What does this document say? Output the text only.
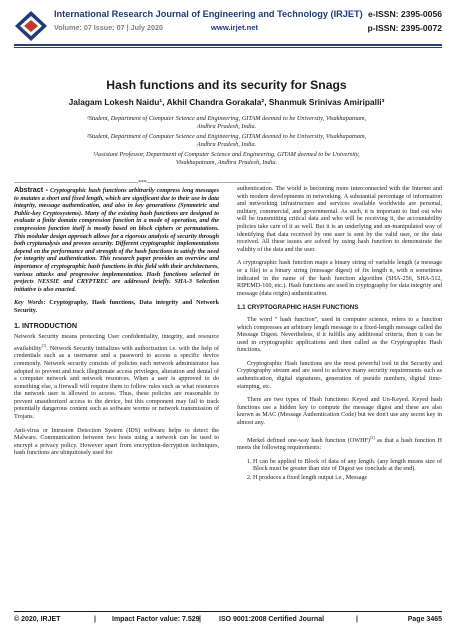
International Research Journal of Engineering and Technology (IRJET) e-ISSN: 2395-0056
Volume: 07 Issue: 07 | July 2020	www.irjet.net	p-ISSN: 2395-0072
Hash functions and its security for Snags
Jalagam Lokesh Naidu¹, Akhil Chandra Gorakala², Shanmuk Srinivas Amiripalli³
¹Student, Department of Computer Science and Engineering, GITAM deemed to be University, Visakhapatnam,
Andhra Pradesh, India.
²Student, Department of Computer Science and Engineering, GITAM deemed to be University, Visakhapatnam,
Andhra Pradesh, India.
³Assistant Professor, Department of Computer Science and Engineering, GITAM deemed to be University,
Visakhapatnam, Andhra Pradesh, India.
---------------------------------------------------------------------***---------------------------------------------------------------------

Abstract - Cryptographic hash functions arbitrarily compress long messages to mutates a short and fixed length, which are significant due to their use in data integrity, message authentication, and also in key generations (Symmetric and Public-key Cryptosystems). Many of the existing hash functions are designed to evaluate a finite domain compression function in a mode of operation, and the compression function itself is mostly based on block ciphers or permutations. This modular design approach allows for a rigorous analysis of security through both cryptanalysis and proven security. Different cryptographic implementations depend on the performance and strength of the hash functions to satisfy the need for integrity and authentication. This research paper provides an overview and importance of cryptographic hash functions in this field with their architectures, various attacks and progressive implementation. Hash functions selected in projects NESSIE and CRYPTREC are addressed briefly. SHA-3 Selection initiative is also enacted.

Key Words: Cryptography, Hash functions, Data integrity and Network Security.

1. INTRODUCTION

Network Security means protecting User confidentiality, integrity, and resource availability[1]. Network Security initializes with authorization i.e. with the help of credentials such as a username and a password to access a specific device commonly. Network security consists of policies each network administrator has adopted to prevent and track illegitimate access privileges, alteration and denial of a computer network and network resources. When a user is approved to do something else, a firewall will require them to follow rules such as what resources the network user is allowed to access. Thus, these policies are reasonable to prevent unauthorized access to the device, but this component may fail to track potentially dangerous content such as software worms or network transmission of Trojans.

Anti-virus or Intrusion Detection System (IDS) software helps to detect the Malware. Communication between two hosts using a network can be used to encrypt a privacy policy. However apart from encryption-decryption techniques, hash functions are ubiquitously used for

authentication. The world is becoming more interconnected with the Internet and with modern developments in networking. A substantial percentage of information and networking infrastructure and services available worldwide are personal, military, commercial, and governmental. As such, it is important to find out who will be transmitting critical data and who will be receiving it, the accountability policies take care of it as well. But it is an underlying and un-manipulated way of identifying that data received by one user is sent by the valid user, or the data received. All these issues are solved by using hash function to demonstrate the validity of the data and the user.

A cryptographic hash function maps a binary string of variable length (a message or a file) to a binary string (message digest) of fix length n, with n sometimes indicated in the name of the hash function algorithm (SHA-256, SHA-512, RIPEMD-160, etc.). Hash functions are used in cryptography for data integrity and message (data origin) authentication.

1.1 CRYPTOGRAPHIC HASH FUNCTIONS

The word " hash function", used in computer science, refers to a function which compresses an arbitrary length message to a fixed-length message called the Message Digest. Nevertheless, if it fulfills any additional criteria, then it can be used in cryptographic applications and then called as the Cryptographic Hash functions.

Cryptographic Hash functions are the most powerful tool in the Security and Cryptography stream and are used to achieve many security requirements such as authentication, digital signatures, generation of pseudo numbers, digital time-stamping, etc.

There are two types of Hash functions: Keyed and Un-Keyed. Keyed hash functions use a hidden key to compute the message digest and these are also known as MAC (Message Authentication Code) but we don't use any secret key in almost any.

Merkel defined one-way hash function (OWHF)[2] as that a hash function H meets the following requirements:

1. H can be applied to Block of data of any length. (any length means size of Block must be greater than size of Digest we conclude at the end).
2. H produces a fixed length output i.e., Message
© 2020, IRJET	| Impact Factor value: 7.529 |	ISO 9001:2008 Certified Journal	|	Page 3465
